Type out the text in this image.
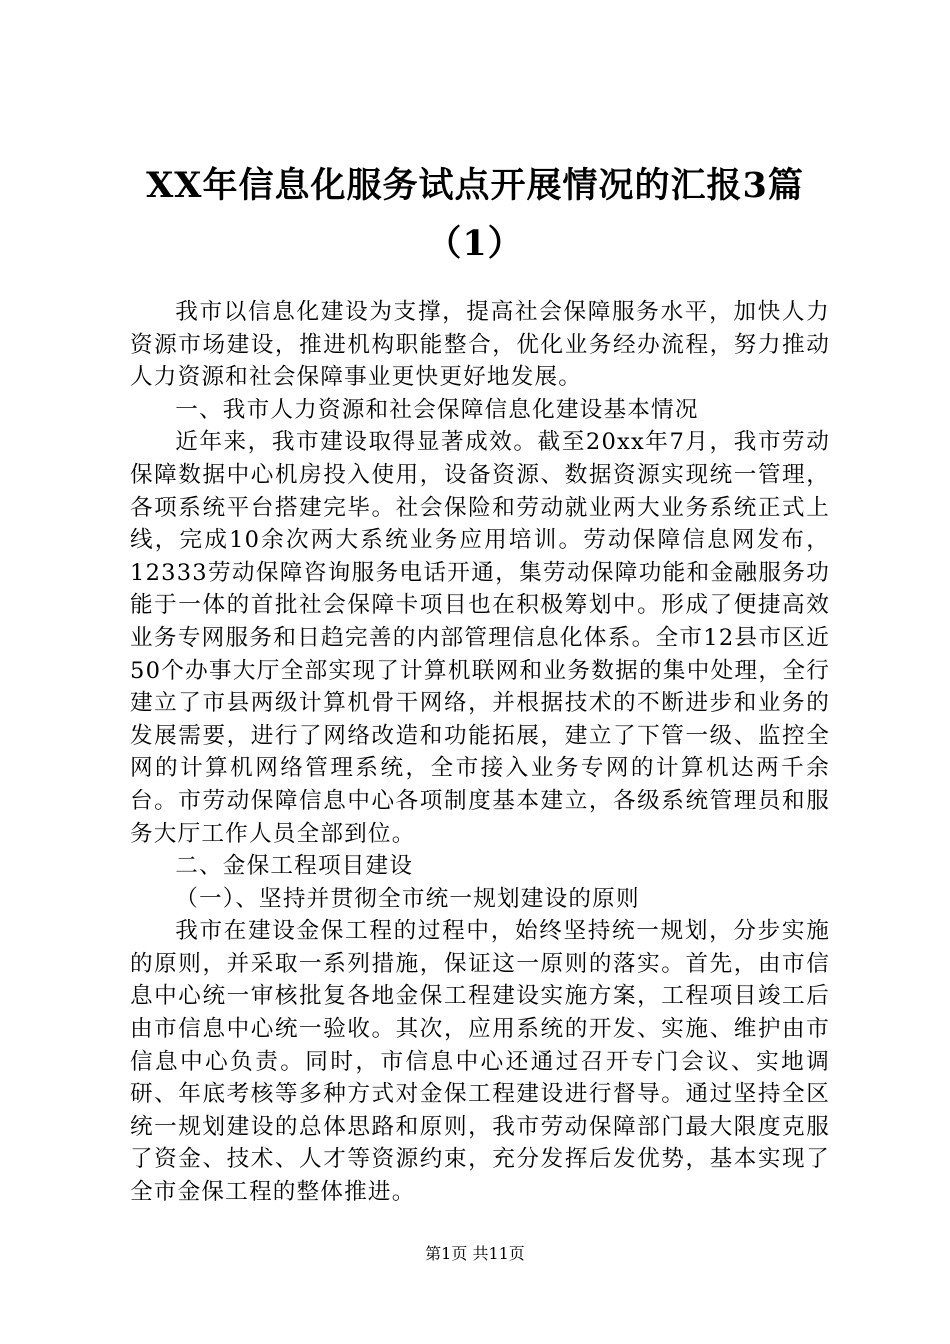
XX年信息化服务试点开展情况的汇报3篇
（1）

我市以信息化建设为支撑，提高社会保障服务水平，加快人力资源市场建设，推进机构职能整合，优化业务经办流程，努力推动人力资源和社会保障事业更快更好地发展。

一、我市人力资源和社会保障信息化建设基本情况

近年来，我市建设取得显著成效。截至20xx年7月，我市劳动保障数据中心机房投入使用，设备资源、数据资源实现统一管理，各项系统平台搭建完毕。社会保险和劳动就业两大业务系统正式上线，完成10余次两大系统业务应用培训。劳动保障信息网发布，12333劳动保障咨询服务电话开通，集劳动保障功能和金融服务功能于一体的首批社会保障卡项目也在积极筹划中。形成了便捷高效业务专网服务和日趋完善的内部管理信息化体系。全市12县市区近50个办事大厅全部实现了计算机联网和业务数据的集中处理，全行建立了市县两级计算机骨干网络，并根据技术的不断进步和业务的发展需要，进行了网络改造和功能拓展，建立了下管一级、监控全网的计算机网络管理系统，全市接入业务专网的计算机达两千余台。市劳动保障信息中心各项制度基本建立，各级系统管理员和服务大厅工作人员全部到位。

二、金保工程项目建设

（一）、坚持并贯彻全市统一规划建设的原则

我市在建设金保工程的过程中，始终坚持统一规划，分步实施的原则，并采取一系列措施，保证这一原则的落实。首先，由市信息中心统一审核批复各地金保工程建设实施方案，工程项目竣工后由市信息中心统一验收。其次，应用系统的开发、实施、维护由市信息中心负责。同时，市信息中心还通过召开专门会议、实地调研、年底考核等多种方式对金保工程建设进行督导。通过坚持全区统一规划建设的总体思路和原则，我市劳动保障部门最大限度克服了资金、技术、人才等资源约束，充分发挥后发优势，基本实现了全市金保工程的整体推进。

第1页 共11页
